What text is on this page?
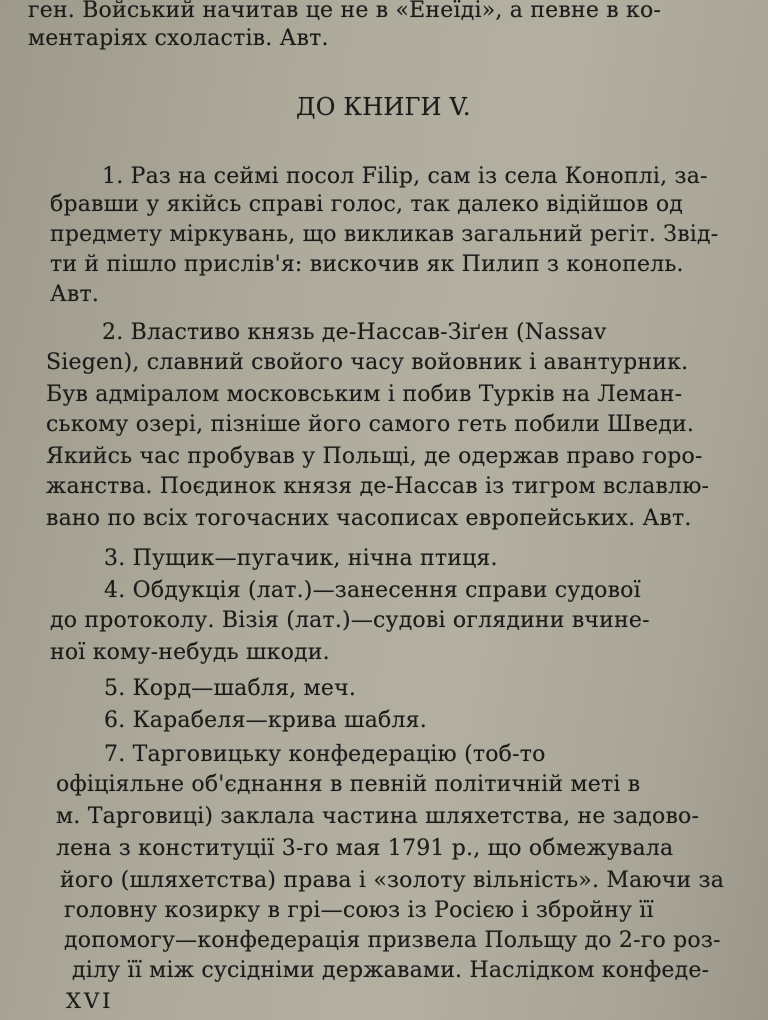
ген. Войський начитав це не в «Енеїді», а певне в ко-
ментаріях схоластів. Авт.
ДО КНИГИ V.
1. Раз на сеймі посол Filip, сам із села Коноплі, за-
бравши у якійсь справі голос, так далеко відійшов од
предмету міркувань, що викликав загальний регіт. Звід-
ти й пішло прислів'я: вискочив як Пилип з конопель.
Авт.
2. Властиво князь де-Нассав-Зіґен (Nassav
Siegen), славний свойого часу войовник і авантурник.
Був адміралом московським і побив Турків на Леман-
ському озері, пізніше його самого геть побили Шведи.
Якийсь час пробував у Польщі, де одержав право горо-
жанства. Поєдинок князя де-Нассав із тигром вславлю-
вано по всіх тогочасних часописах европейських. Авт.
3. Пущик—пугачик, нічна птиця.
4. Обдукція (лат.)—занесення справи судової
до протоколу. Візія (лат.)—судові оглядини вчине-
ної кому-небудь шкоди.
5. Корд—шабля, меч.
6. Карабеля—крива шабля.
7. Тарговицьку конфедерацію (тоб-то
офіціяльне об'єднання в певній політичній меті в
м. Тарговиці) заклала частина шляхетства, не задово-
лена з конституції 3-го мая 1791 р., що обмежувала
його (шляхетства) права і «золоту вільність». Маючи за
головну козирку в грі—союз із Росією і збройну її
допомогу—конфедерація призвела Польщу до 2-го роз-
ділу її між сусідніми державами. Наслідком конфеде-
XVI
